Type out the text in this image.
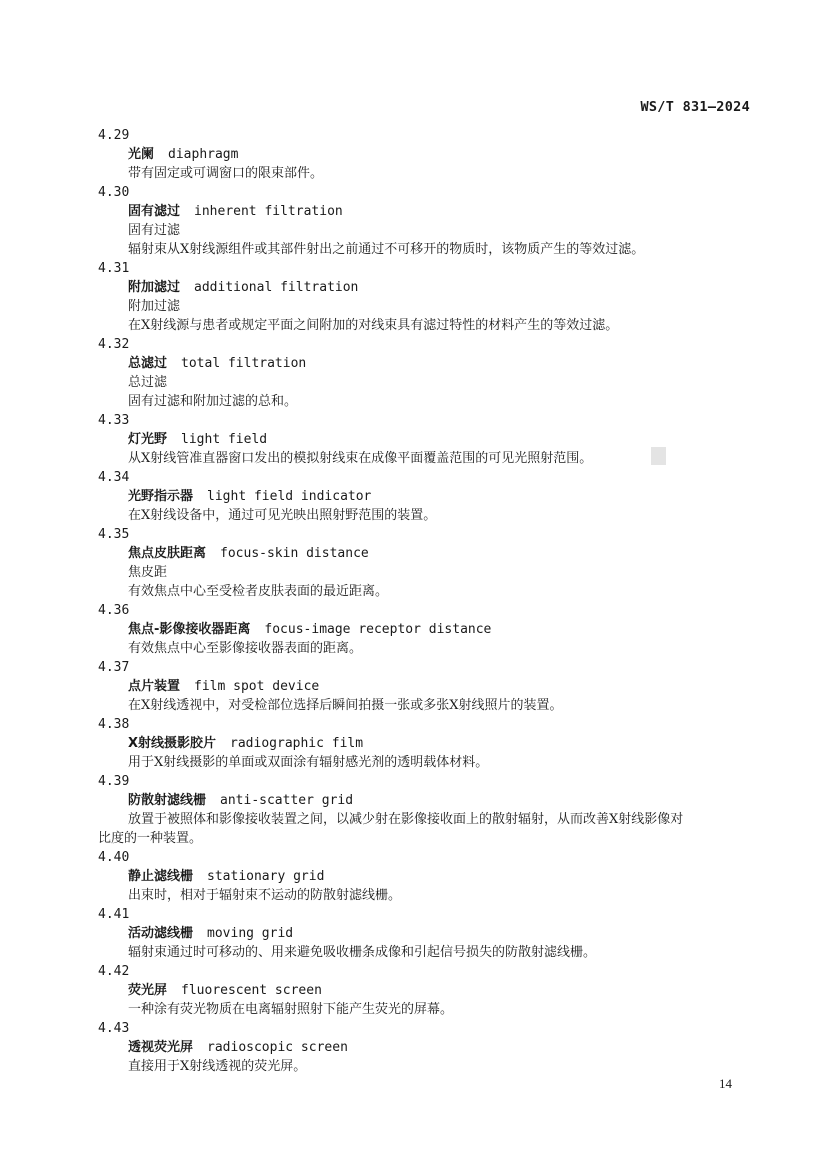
WS/T 831—2024
4.29
光阑 diaphragm
带有固定或可调窗口的限束部件。
4.30
固有滤过 inherent filtration
固有过滤
辐射束从X射线源组件或其部件射出之前通过不可移开的物质时，该物质产生的等效过滤。
4.31
附加滤过 additional filtration
附加过滤
在X射线源与患者或规定平面之间附加的对线束具有滤过特性的材料产生的等效过滤。
4.32
总滤过 total filtration
总过滤
固有过滤和附加过滤的总和。
4.33
灯光野 light field
从X射线管准直器窗口发出的模拟射线束在成像平面覆盖范围的可见光照射范围。
4.34
光野指示器 light field indicator
在X射线设备中，通过可见光映出照射野范围的装置。
4.35
焦点皮肤距离 focus-skin distance
焦皮距
有效焦点中心至受检者皮肤表面的最近距离。
4.36
焦点-影像接收器距离 focus-image receptor distance
有效焦点中心至影像接收器表面的距离。
4.37
点片装置 film spot device
在X射线透视中，对受检部位选择后瞬间拍摄一张或多张X射线照片的装置。
4.38
X射线摄影胶片 radiographic film
用于X射线摄影的单面或双面涂有辐射感光剂的透明载体材料。
4.39
防散射滤线栅 anti-scatter grid
放置于被照体和影像接收装置之间，以减少射在影像接收面上的散射辐射，从而改善X射线影像对
比度的一种装置。
4.40
静止滤线栅 stationary grid
出束时，相对于辐射束不运动的防散射滤线栅。
4.41
活动滤线栅 moving grid
辐射束通过时可移动的、用来避免吸收栅条成像和引起信号损失的防散射滤线栅。
4.42
荧光屏 fluorescent screen
一种涂有荧光物质在电离辐射照射下能产生荧光的屏幕。
4.43
透视荧光屏 radioscopic screen
直接用于X射线透视的荧光屏。
14
